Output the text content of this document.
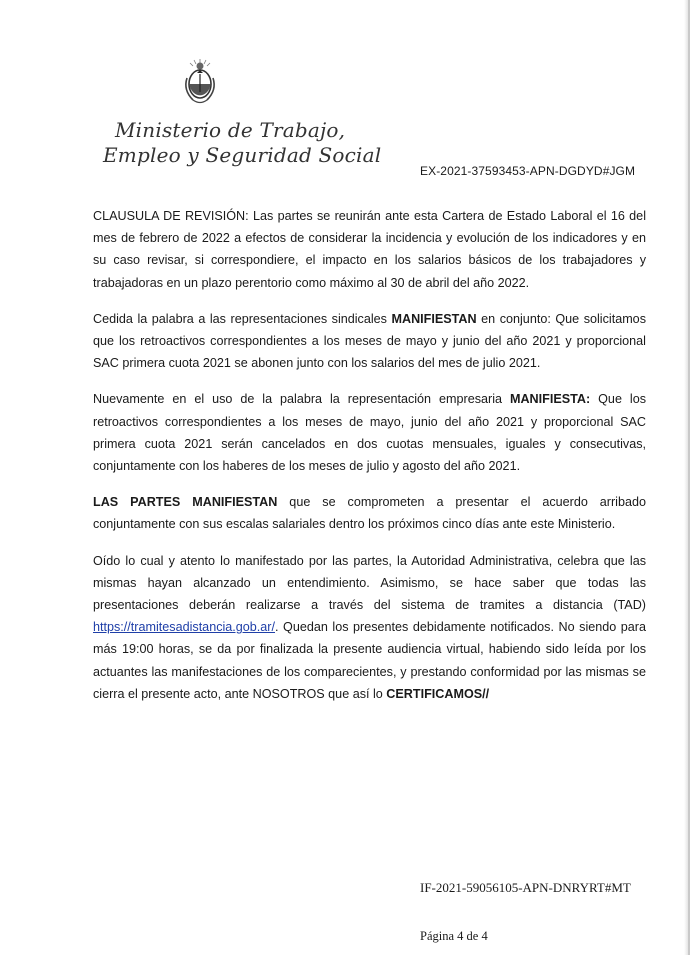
Ministerio de Trabajo,
Empleo y Seguridad Social
EX-2021-37593453-APN-DGDYD#JGM

CLAUSULA DE REVISIÓN: Las partes se reunirán ante esta Cartera de Estado Laboral el 16 del mes de febrero de 2022 a efectos de considerar la incidencia y evolución de los indicadores y en su caso revisar, si correspondiere, el impacto en los salarios básicos de los trabajadores y trabajadoras en un plazo perentorio como máximo al 30 de abril del año 2022.

Cedida la palabra a las representaciones sindicales MANIFIESTAN en conjunto: Que solicitamos que los retroactivos correspondientes a los meses de mayo y junio del año 2021 y proporcional SAC primera cuota 2021 se abonen junto con los salarios del mes de julio 2021.

Nuevamente en el uso de la palabra la representación empresaria MANIFIESTA: Que los retroactivos correspondientes a los meses de mayo, junio del año 2021 y proporcional SAC primera cuota 2021 serán cancelados en dos cuotas mensuales, iguales y consecutivas, conjuntamente con los haberes de los meses de julio y agosto del año 2021.

LAS PARTES MANIFIESTAN que se comprometen a presentar el acuerdo arribado conjuntamente con sus escalas salariales dentro los próximos cinco días ante este Ministerio.

Oído lo cual y atento lo manifestado por las partes, la Autoridad Administrativa, celebra que las mismas hayan alcanzado un entendimiento. Asimismo, se hace saber que todas las presentaciones deberán realizarse a través del sistema de tramites a distancia (TAD) https://tramitesadistancia.gob.ar/. Quedan los presentes debidamente notificados. No siendo para más 19:00 horas, se da por finalizada la presente audiencia virtual, habiendo sido leída por los actuantes las manifestaciones de los comparecientes, y prestando conformidad por las mismas se cierra el presente acto, ante NOSOTROS que así lo CERTIFICAMOS//

IF-2021-59056105-APN-DNRYRT#MT
Página 4 de 4
